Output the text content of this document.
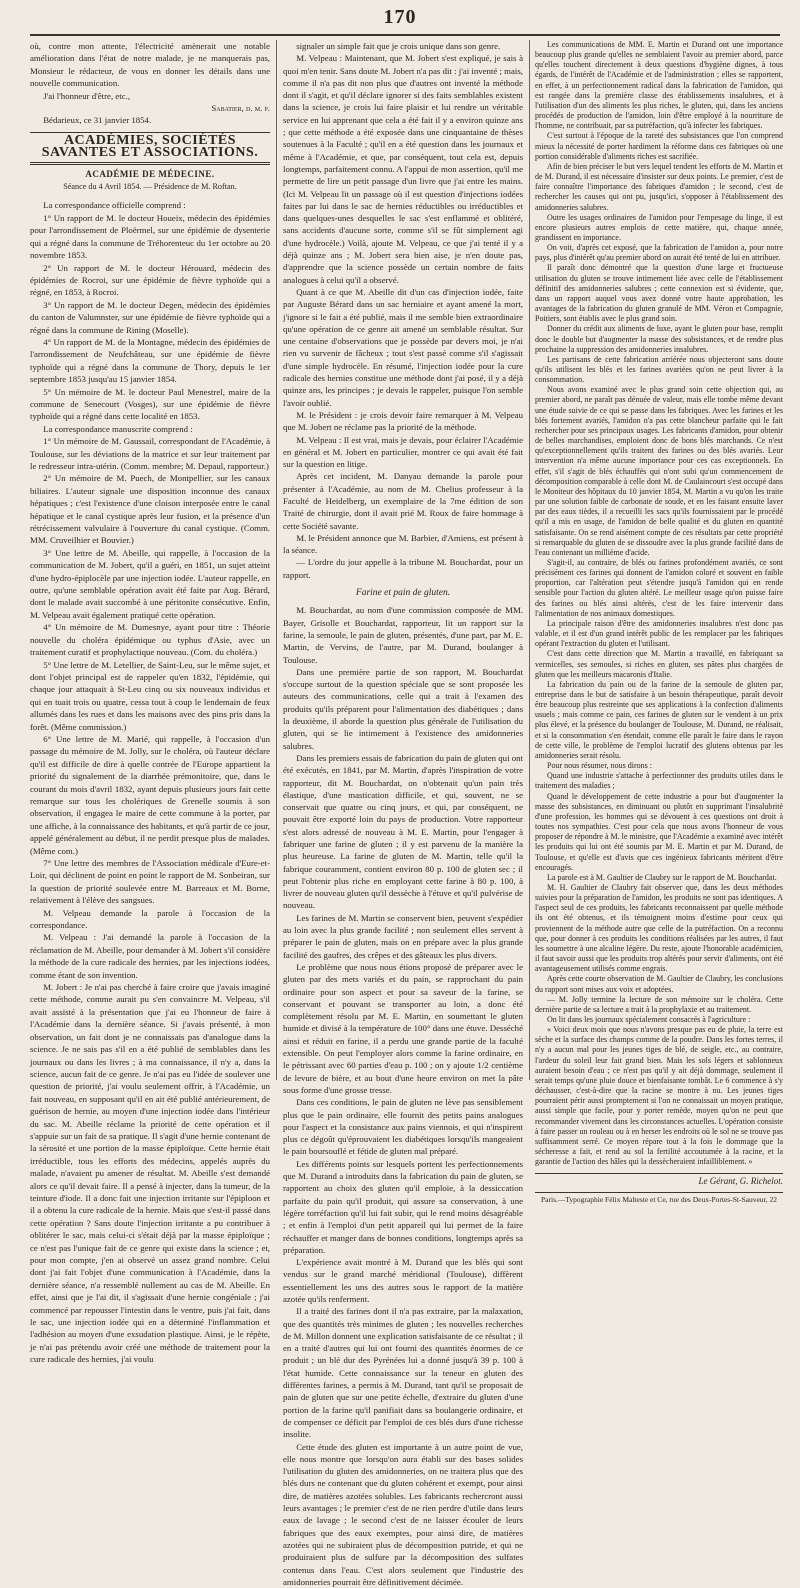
170

où, contre mon attente, l'électricité amènerait une notable amélioration dans l'état de notre malade, je ne manquerais pas, Monsieur le rédacteur, de vous en donner les détails dans une nouvelle communication.

J'ai l'honneur d'être, etc.,

Sabatier, d. m. p.

Bédarieux, ce 31 janvier 1854.

ACADÉMIES, SOCIÉTÉS SAVANTES ET ASSOCIATIONS.
ACADÉMIE DE MÉDECINE.
Séance du 4 Avril 1854. — Présidence de M. Roftan.

La correspondance officielle comprend :

1° Un rapport de M. le docteur Houeix, médecin des épidémies pour l'arrondissement de Ploërmel, sur une épidémie de dysenterie qui a régné dans la commune de Tréhorenteuc du 1er octobre au 20 novembre 1853.

2° Un rapport de M. le docteur Hérouard, médecin des épidémies de Rocroi, sur une épidémie de fièvre typhoïde qui a régné, en 1853, à Rocroi.

3° Un rapport de M. le docteur Degen, médecin des épidémies du canton de Valumnster, sur une épidémie de fièvre typhoïde qui a régné dans la commune de Rining (Moselle).

4° Un rapport de M. de la Montagne, médecin des épidémies de l'arrondissement de Neufchâteau, sur une épidémie de fièvre typhoïde qui a régné dans la commune de Thory, depuis le 1er septembre 1853 jusqu'au 15 janvier 1854.

5° Un mémoire de M. le docteur Paul Menestrel, maire de la commune de Senecourt (Vosges), sur une épidémie de fièvre typhoïde qui a régné dans cette localité en 1853.

La correspondance manuscrite comprend :

1° Un mémoire de M. Gaussail, correspondant de l'Académie, à Toulouse, sur les déviations de la matrice et sur leur traitement par le redresseur intra-utérin. (Comm. membre; M. Depaul, rapporteur.)

2° Un mémoire de M. Puech, de Montpellier, sur les canaux biliaires. L'auteur signale une disposition inconnue des canaux hépatiques ; c'est l'existence d'une cloison interposée entre le canal hépatique et le canal cystique après leur fusion, et la présence d'un rétrécissement valvulaire à l'ouverture du canal cystique. (Comm. MM. Cruveilhier et Bouvier.)

3° Une lettre de M. Abeille, qui rappelle, à l'occasion de la communication de M. Jobert, qu'il a guéri, en 1851, un sujet atteint d'une hydro-épiplocèle par une injection iodée. L'auteur rappelle, en outre, qu'une semblable opération avait été faite par Aug. Bérard, dont le malade avait succombé à une péritonite consécutive. Enfin, M. Velpeau avait également pratiqué cette opération.

4° Un mémoire de M. Dumesnye, ayant pour titre : Théorie nouvelle du choléra épidémique ou typhus d'Asie, avec un traitement curatif et prophylactique nouveau. (Com. du choléra.)

5° Une lettre de M. Letellier, de Saint-Leu, sur le même sujet, et dont l'objet principal est de rappeler qu'en 1832, l'épidémie, qui chaque jour attaquait à St-Leu cinq ou six nouveaux individus et qui en tuait trois ou quatre, cessa tout à coup le lendemain de feux allumés dans les rues et dans les maisons avec des pins pris dans la forêt. (Même commission.)

6° Une lettre de M. Marié, qui rappelle, à l'occasion d'un passage du mémoire de M. Jolly, sur le choléra, où l'auteur déclare qu'il est difficile de dire à quelle contrée de l'Europe appartient la priorité du signalement de la diarrhée prémonitoire, que, dans le courant du mois d'avril 1832, ayant depuis plusieurs jours fait cette remarque sur tous les cholériques de Grenelle soumis à son observation, il engagea le maire de cette commune à la porter, par une affiche, à la connaissance des habitants, et qu'à partir de ce jour, appelé généralement au début, il ne perdit presque plus de malades. (Même com.)

7° Une lettre des membres de l'Association médicale d'Eure-et-Loir, qui déclinent de point en point le rapport de M. Sonbeiran, sur la question de priorité soulevée entre M. Barreaux et M. Borne, relativement à l'élève des sangsues.

M. Velpeau demande la parole à l'occasion de la correspondance.

M. Velpeau : J'ai demandé la parole à l'occasion de la réclamation de M. Abeille, pour demander à M. Jobert s'il considère la méthode de la cure radicale des hernies, par les injections iodées, comme étant de son invention.

M. Jobert : Je n'ai pas cherché à faire croire que j'avais imaginé cette méthode, comme aurait pu s'en convaincre M. Velpeau, s'il avait assisté à la présentation que j'ai eu l'honneur de faire à l'Académie dans la dernière séance. Si j'avais présenté, à mon observation, un fait dont je ne connaissais pas d'analogue dans la science. Je ne sais pas s'il en a été publié de semblables dans les journaux ou dans les livres ; à ma connaissance, il n'y a, dans la science, aucun fait de ce genre. Je n'ai pas eu l'idée de soulever une question de priorité, j'ai voulu seulement offrir, à l'Académie, un fait nouveau, en supposant qu'il en ait été publié antérieurement, de guérison de hernie, au moyen d'une injection iodée dans l'intérieur du sac. M. Abeille réclame la priorité de cette opération et il s'appuie sur un fait de sa pratique. Il s'agit d'une hernie contenant de la sérosité et une portion de la masse épiploïque. Cette hernie était irréductible, tous les efforts des médecins, appelés auprès du malade, n'avaient pu amener de résultat. M. Abeille s'est demandé alors ce qu'il devait faire. Il a pensé à injecter, dans la tumeur, de la teinture d'iode. Il a donc fait une injection irritante sur l'épiploon et il a obtenu la cure radicale de la hernie. Mais que s'est-il passé dans cette opération ? Sans doute l'injection irritante a pu contribuer à oblitérer le sac, mais celui-ci s'était déjà par la masse épiploïque ; ce n'est pas l'unique fait de ce genre qui existe dans la science ; et, pour mon compte, j'en ai observé un assez grand nombre. Celui dont j'ai fait l'objet d'une communication à l'Académie, dans la dernière séance, n'a ressemblé nullement au cas de M. Abeille. En effet, ainsi que je l'ai dit, il s'agissait d'une hernie congéniale ; j'ai commencé par repousser l'intestin dans le ventre, puis j'ai fait, dans le sac, une injection iodée qui en a déterminé l'inflammation et l'adhésion au moyen d'une exsudation plastique. Ainsi, je le répète, je n'ai pas prétendu avoir créé une méthode de traitement pour la cure radicale des hernies, j'ai voulu

signaler un simple fait que je crois unique dans son genre.

M. Velpeau : Maintenant, que M. Jobert s'est expliqué, je sais à quoi m'en tenir. Sans doute M. Jobert n'a pas dit : j'ai inventé ; mais, comme il n'a pas dit non plus que d'autres ont inventé la méthode dont il s'agit, et qu'il déclare ignorer si des faits semblables existent dans la science, je crois lui faire plaisir et lui rendre un véritable service en lui apprenant que cela a été fait il y a environ quinze ans ; que cette méthode a été exposée dans une cinquantaine de thèses soutenues à la Faculté ; qu'il en a été question dans les journaux et même à l'Académie, et que, par conséquent, tout cela est, depuis longtemps, parfaitement connu. A l'appui de mon assertion, qu'il me permette de lire un petit passage d'un livre que j'ai entre les mains. (Ici M. Velpeau lit un passage où il est question d'injections iodées faites par lui dans le sac de hernies réductibles ou irréductibles et dans quelques-unes desquelles le sac s'est enflammé et oblitéré, sans accidents d'aucune sorte, comme s'il se fût simplement agi d'une hydrocèle.) Voilà, ajoute M. Velpeau, ce que j'ai tenté il y a déjà quinze ans ; M. Jobert sera bien aise, je n'en doute pas, d'apprendre que la science possède un certain nombre de faits analogues à celui qu'il a observé.

Quant à ce que M. Abeille dit d'un cas d'injection iodée, faite par Auguste Bérard dans un sac herniaire et ayant amené la mort, j'ignore si le fait a été publié, mais il me semble bien extraordinaire qu'une opération de ce genre ait amené un semblable résultat. Sur une centaine d'observations que je possède par devers moi, je n'ai rien vu survenir de fâcheux ; tout s'est passé comme s'il s'agissait d'une simple hydrocèle. En résumé, l'injection iodée pour la cure radicale des hernies constitue une méthode dont j'ai posé, il y a déjà quinze ans, les principes ; je devais le rappeler, puisque l'on semble l'avoir oublié.

M. le Président : je crois devoir faire remarquer à M. Velpeau que M. Jobert ne réclame pas la priorité de la méthode.

M. Velpeau : Il est vrai, mais je devais, pour éclairer l'Académie en général et M. Jobert en particulier, montrer ce qui avait été fait sur la question en litige.

Après cet incident, M. Danyau demande la parole pour présenter à l'Académie, au nom de M. Chelius professeur à la Faculté de Heidelberg, un exemplaire de la 7me édition de son Traité de chirurgie, dont il avait prié M. Roux de faire hommage à cette Société savante.

M. le Président annonce que M. Barbier, d'Amiens, est présent à la séance.

— L'ordre du jour appelle à la tribune M. Bouchardat, pour un rapport.

Farine et pain de gluten.

M. Bouchardat, au nom d'une commission composée de MM. Bayer, Grisolle et Bouchardat, rapporteur, lit un rapport sur la farine, la semoule, le pain de gluten, présentés, d'une part, par M. E. Martin, de Vervins, de l'autre, par M. Durand, boulanger à Toulouse.

Dans une première partie de son rapport, M. Bouchardat s'occupe surtout de la question spéciale que se sont proposée les auteurs des communications, celle qui a trait à l'examen des produits qu'ils préparent pour l'alimentation des diabétiques ; dans la deuxième, il aborde la question plus générale de l'utilisation du gluten, qui se lie intimement à l'existence des amidonneries salubres.

Dans les premiers essais de fabrication du pain de gluten qui ont été exécutés, en 1841, par M. Martin, d'après l'inspiration de votre rapporteur, dit M. Bouchardat, on n'obtenait qu'un pain très élastique, d'une mastication difficile, et qui, souvent, ne se conservait que quatre ou cinq jours, et qui, par conséquent, ne pouvait être exporté loin du pays de production. Votre rapporteur s'est alors adressé de nouveau à M. E. Martin, pour l'engager à fabriquer une farine de gluten ; il y est parvenu de la manière la plus heureuse. La farine de gluten de M. Martin, telle qu'il la fabrique couramment, contient environ 80 p. 100 de gluten sec ; il peut l'obtenir plus riche en employant cette farine à 80 p. 100, à livrer de nouveau gluten qu'il dessèche à l'étuve et qu'il pulvérise de nouveau.

Les farines de M. Martin se conservent bien, peuvent s'expédier au loin avec la plus grande facilité ; non seulement elles servent à préparer le pain de gluten, mais on en prépare avec la plus grande facilité des gaufres, des crêpes et des gâteaux les plus divers.

Le problème que nous nous étions proposé de préparer avec le gluten par des mets variés et du pain, se rapprochant du pain ordinaire pour son aspect et pour sa saveur de la farine, se conservant et pouvant se transporter au loin, a donc été complètement résolu par M. E. Martin, en soumettant le gluten humide et divisé à la température de 100° dans une étuve. Desséché ainsi et réduit en farine, il a perdu une grande partie de la faculté extensible. On peut l'employer alors comme la farine ordinaire, en le pétrissant avec 60 parties d'eau p. 100 ; on y ajoute 1/2 centième de levure de bière, et au bout d'une heure environ on met la pâte sous forme d'une grosse tresse.

Dans ces conditions, le pain de gluten ne lève pas sensiblement plus que le pain ordinaire, elle fournit des petits pains analogues pour l'aspect et la consistance aux pains viennois, et qui n'inspirent plus ce dégoût qu'éprouvaient les diabétiques lorsqu'ils mangeaient le pain boursouflé et fétide de gluten mal préparé.

Les différents points sur lesquels portent les perfectionnements que M. Durand a introduits dans la fabrication du pain de gluten, se rapportent au choix des gluten qu'il emploie, à la dessiccation parfaite du pain qu'il produit, qui assure sa conservation, à une légère torréfaction qu'il lui fait subir, qui le rend moins désagréable ; et enfin à l'emploi d'un petit appareil qui lui permet de la faire réchauffer et manger dans de bonnes conditions, longtemps après sa préparation.

L'expérience avait montré à M. Durand que les blés qui sont vendus sur le grand marché méridional (Toulouse), diffèrent essentiellement les uns des autres sous le rapport de la matière azotée qu'ils renferment.

Il a traité des farines dont il n'a pas extraire, par la malaxation, que des quantités très minimes de gluten ; les nouvelles recherches de M. Millon donnent une explication satisfaisante de ce résultat ; il en a traité d'autres qui lui ont fourni des quantités énormes de ce produit ; un blé dur des Pyrénées lui a donné jusqu'à 39 p. 100 à l'état humide. Cette connaissance sur la teneur en gluten des différentes farines, a permis à M. Durand, tant qu'il se proposait de pain de gluten que sur une petite échelle, d'extraire du gluten d'une portion de la farine qu'il panifiait dans sa boulangerie ordinaire, et de compenser ce déficit par l'emploi de ces blés durs d'une richesse insolite.

Cette étude des gluten est importante à un autre point de vue, elle nous montre que lorsqu'on aura établi sur des bases solides l'utilisation du gluten des amidonneries, on ne traitera plus que des blés durs ne contenant que du gluten cohérent et exempt, pour ainsi dire, de matières azotées solubles. Les fabricants rechercront aussi leurs avantages ; le premier c'est de ne rien perdre d'utile dans leurs eaux de lavage ; le second c'est de ne laisser écouler de leurs fabriques que des eaux exemptes, pour ainsi dire, de matières azotées qui ne subiraient plus de décomposition putride, et qui ne produiraient plus de sulfure par la décomposition des sulfates contenus dans l'eau. C'est alors seulement que l'industrie des amidonneries pourrait être définitivement décimée.

Les communications de MM. E. Martin et Durand ont une importance beaucoup plus grande qu'elles ne semblaient l'avoir au premier abord, parce qu'elles touchent directement à deux questions d'hygiène dignes, à tous égards, de l'intérêt de l'Académie et de l'administration ; elles se rapportent, en effet, à un perfectionnement radical dans la fabrication de l'amidon, qui est rangée dans la première classe des établissements insalubres, et à l'utilisation d'un des aliments les plus riches, le gluten, qui, dans les anciens procédés de production de l'amidon, loin d'être employé à la nourriture de l'homme, ne contribuait, par sa putréfaction, qu'à infecter les fabriques.

C'est surtout à l'époque de la rareté des subsistances que l'on comprend mieux la nécessité de porter hardiment la réforme dans ces fabriques où une portion considérable d'aliments riches est sacrifiée.

Afin de bien préciser le but vers lequel tendent les efforts de M. Martin et de M. Durand, il est nécessaire d'insister sur deux points. Le premier, c'est de faire connaître l'importance des fabriques d'amidon ; le second, c'est de rechercher les causes qui ont pu, jusqu'ici, s'opposer à l'établissement des amidonneries salubres.

Outre les usages ordinaires de l'amidon pour l'empesage du linge, il est encore plusieurs autres emplois de cette matière, qui, chaque année, grandissent en importance.

On voit, d'après cet exposé, que la fabrication de l'amidon a, pour notre pays, plus d'intérêt qu'au premier abord on aurait été tenté de lui en attribuer.

Il paraît donc démontré que la question d'une large et fructueuse utilisation du gluten se trouve intimement liée avec celle de l'établissement définitif des amidonneries salubres ; cette connexion est si évidente, que, dans un rapport auquel vous avez donné votre haute approbation, les avantages de la fabrication du gluten granulé de MM. Véron et Compagnie, Poitiers, sont établis avec le plus grand soin.

Donner du crédit aux aliments de luxe, ayant le gluten pour base, remplit donc le double but d'augmenter la masse des subsistances, et de rendre plus prochaine la suppression des amidonneries insalubres.

Les partisans de cette fabrication arriérée nous objecteront sans doute qu'ils utilisent les blés et les farines avariées qu'on ne peut livrer à la consommation.

Nous avons examiné avec le plus grand soin cette objection qui, au premier abord, ne paraît pas dénuée de valeur, mais elle tombe même devant une étude suivie de ce qui se passe dans les fabriques. Avec les farines et les blés fortement avariés, l'amidon n'a pas cette blancheur parfaite qui le fait rechercher pour ses principaux usages. Les fabricants d'amidon, pour obtenir de belles marchandises, emploient donc de bons blés marchands. Ce n'est qu'exceptionnellement qu'ils traitent des farines ou des blés avariés. Leur intervention n'a même aucune importance pour ces cas exceptionnels. En effet, s'il s'agit de blés échauffés qui n'ont subi qu'un commencement de décomposition comparable à celle dont M. de Caulaincourt s'est occupé dans le Moniteur des hôpitaux du 10 janvier 1854, M. Martin a vu qu'on les traite par une solution faible de carbonate de soude, et en les faisant ensuite laver par des eaux tièdes, il a recueilli les sacs qu'ils fournissaient par le procédé qu'il a mis en usage, de l'amidon de belle qualité et du gluten en quantité satisfaisante. On se rend aisément compte de ces résultats par cette propriété si remarquable du gluten de se dissoudre avec la plus grande facilité dans de l'eau contenant un millième d'acide.

S'agit-il, au contraire, de blés ou farines profondément avariés, ce sont précisément ces farines qui donnent de l'amidon coloré et souvent en faible proportion, car l'altération peut s'étendre jusqu'à l'amidon qui en rende sensible pour l'action du gluten altéré. Le meilleur usage qu'on puisse faire des farines ou blés ainsi altérés, c'est de les faire intervenir dans l'alimentation de nos animaux domestiques.

La principale raison d'être des amidonneries insalubres n'est donc pas valable, et il est d'un grand intérêt public de les remplacer par les fabriques opérant l'extraction du gluten et l'utilisant.

C'est dans cette direction que M. Martin a travaillé, en fabriquant sa vermicelles, ses semoules, si riches en gluten, ses pâtes plus chargées de gluten que les meilleurs macaronis d'Italie.

La fabrication du pain ou de la farine de la semoule de gluten par, entreprise dans le but de satisfaire à un besoin thérapeutique, paraît devoir être beaucoup plus restreinte que ses applications à la confection d'aliments usuels ; mais comme ce pain, ces farines de gluten sur le vendent à un prix plus élevé, et la présence du boulanger de Toulouse, M. Durand, ne réalisait, et si la consommation s'en étendait, comme elle paraît le faire dans le rayon de cette ville, le problème de l'emploi lucratif des glutens obtenus par les amidonneries serait résolu.

Pour nous résumer, nous dirons :

Quand une industrie s'attache à perfectionner des produits utiles dans le traitement des maladies ;

Quand le développement de cette industrie a pour but d'augmenter la masse des subsistances, en diminuant ou plutôt en supprimant l'insalubrité d'une profession, les hommes qui se dévouent à ces questions ont droit à toutes nos sympathies. C'est pour cela que nous avons l'honneur de vous proposer de répondre à M. le ministre, que l'Académie a examiné avec intérêt les produits qui lui ont été soumis par M. E. Martin et par M. Durand, de Toulouse, et qu'elle est d'avis que ces ingénieux fabricants méritent d'être encouragés.

La parole est à M. Gaultier de Claubry sur le rapport de M. Bouchardat.

M. H. Gaultier de Claubry fait observer que, dans les deux méthodes suivies pour la préparation de l'amidon, les produits ne sont pas identiques. A l'aspect seul de ces produits, les fabricants reconnaissent par quelle méthode ils ont été obtenus, et ils témoignent moins d'estime pour ceux qui proviennent de la méthode autre que celle de la putréfaction. On a reconnu que, pour donner à ces produits les conditions réalisées par les autres, il faut les soumettre à une alcaline légère. Du reste, ajoute l'honorable académicien, il faut savoir aussi que les produits trop altérés pour servir d'aliments, ont été avantageusement utilisés comme engrais.

Après cette courte observation de M. Gaultier de Claubry, les conclusions du rapport sont mises aux voix et adoptées.

— M. Jolly termine la lecture de son mémoire sur le choléra. Cette dernière partie de sa lecture a trait à la prophylaxie et au traitement.

On lit dans les journaux spécialement consacrés à l'agriculture :

« Voici deux mois que nous n'avons presque pas eu de pluie, la terre est sèche et la surface des champs comme de la poudre. Dans les fortes terres, il n'y a aucun mal pour les jeunes tiges de blé, de seigle, etc., au contraire, l'ardeur du soleil leur fait grand bien. Mais les sols légers et sablonneux auraient besoin d'eau ; ce n'est pas qu'il y ait déjà dommage, seulement il serait temps qu'une pluie douce et bienfaisante tombât. Le 6 commence à s'y déchausser, c'est-à-dire que la racine se montre à nu. Les jeunes tiges pourraient périr aussi promptement si l'on ne connaissait un moyen pratique, aussi simple que facile, pour y porter remède, moyen qu'on ne peut que recommander vivement dans les circonstances actuelles. L'opération consiste à faire passer un rouleau ou à en herser les endroits où le sol ne se trouve pas suffisamment serré. Ce moyen répare tout à la fois le dommage que la sécheresse a fait, et rend au sol la fertilité accoutumée à la racine, et la garantie de l'action des hâles qui la dessècheraient infailliblement. »

Le Gérant, G. Richelot.
Paris.—Typographie Félix Malteste et Ce, rue des Deux-Portes-St-Sauveur, 22
